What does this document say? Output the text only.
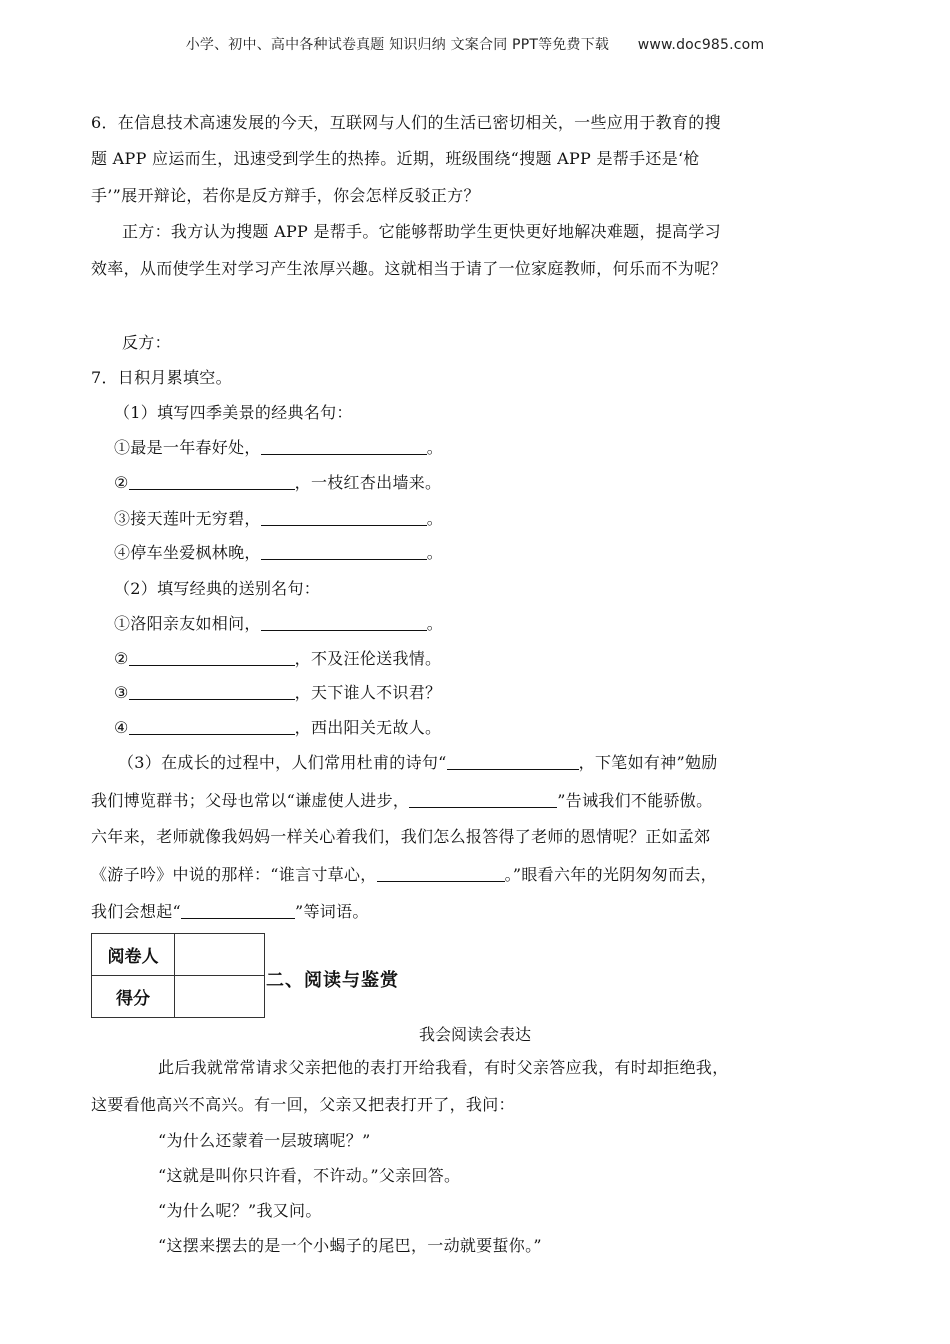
小学、初中、高中各种试卷真题 知识归纳 文案合同 PPT等免费下载 www.doc985.com
6．在信息技术高速发展的今天，互联网与人们的生活已密切相关，一些应用于教育的搜
题 APP 应运而生，迅速受到学生的热捧。近期，班级围绕“搜题 APP 是帮手还是‘枪
手’”展开辩论，若你是反方辩手，你会怎样反驳正方？
正方：我方认为搜题 APP 是帮手。它能够帮助学生更快更好地解决难题，提高学习
效率，从而使学生对学习产生浓厚兴趣。这就相当于请了一位家庭教师，何乐而不为呢？
反方：
7．日积月累填空。
（1）填写四季美景的经典名句：
①最是一年春好处，	。
②	，一枝红杏出墙来。
③接天莲叶无穷碧，	。
④停车坐爱枫林晚，	。
（2）填写经典的送别名句：
①洛阳亲友如相问，	。
②	，不及汪伦送我情。
③	，天下谁人不识君？
④	，西出阳关无故人。
（3）在成长的过程中，人们常用杜甫的诗句“	，下笔如有神”勉励
我们博览群书；父母也常以“谦虚使人进步，	”告诫我们不能骄傲。
六年来，老师就像我妈妈一样关心着我们，我们怎么报答得了老师的恩情呢？正如孟郊
《游子吟》中说的那样：“谁言寸草心，	。”眼看六年的光阴匆匆而去，
我们会想起“	”等词语。
阅卷人	
得分	
二、阅读与鉴赏
我会阅读会表达
此后我就常常请求父亲把他的表打开给我看，有时父亲答应我，有时却拒绝我，
这要看他高兴不高兴。有一回，父亲又把表打开了，我问：
“为什么还蒙着一层玻璃呢？”
“这就是叫你只许看，不许动。”父亲回答。
“为什么呢？”我又问。
“这摆来摆去的是一个小蝎子的尾巴，一动就要蜇你。”
